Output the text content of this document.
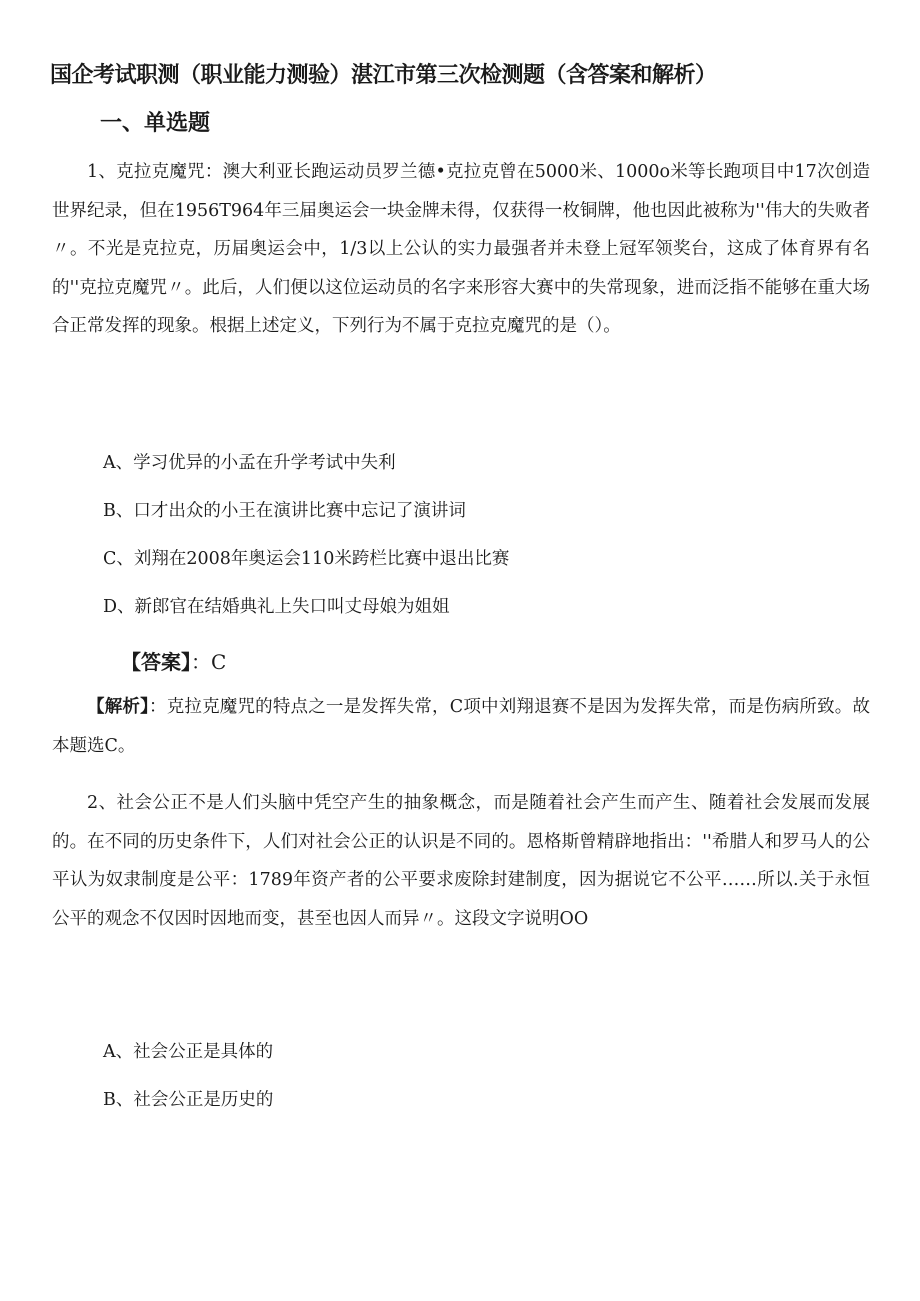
国企考试职测（职业能力测验）湛江市第三次检测题（含答案和解析）
一、单选题

1、克拉克魔咒：澳大利亚长跑运动员罗兰德•克拉克曾在5000米、1000o米等长跑项目中17次创造世界纪录，但在1956T964年三届奥运会一块金牌未得，仅获得一枚铜牌，他也因此被称为''伟大的失败者〃。不光是克拉克，历届奥运会中，1/3以上公认的实力最强者并未登上冠军领奖台，这成了体育界有名的''克拉克魔咒〃。此后，人们便以这位运动员的名字来形容大赛中的失常现象，进而泛指不能够在重大场合正常发挥的现象。根据上述定义，下列行为不属于克拉克魔咒的是（）。

A、学习优异的小孟在升学考试中失利
B、口才出众的小王在演讲比赛中忘记了演讲词
C、刘翔在2008年奥运会110米跨栏比赛中退出比赛
D、新郎官在结婚典礼上失口叫丈母娘为姐姐
【答案】：C

【解析】：克拉克魔咒的特点之一是发挥失常，C项中刘翔退赛不是因为发挥失常，而是伤病所致。故本题选C。

2、社会公正不是人们头脑中凭空产生的抽象概念，而是随着社会产生而产生、随着社会发展而发展的。在不同的历史条件下，人们对社会公正的认识是不同的。恩格斯曾精辟地指出：''希腊人和罗马人的公平认为奴隶制度是公平：1789年资产者的公平要求废除封建制度，因为据说它不公平……所以.关于永恒公平的观念不仅因时因地而变，甚至也因人而异〃。这段文字说明OO

A、社会公正是具体的
B、社会公正是历史的
